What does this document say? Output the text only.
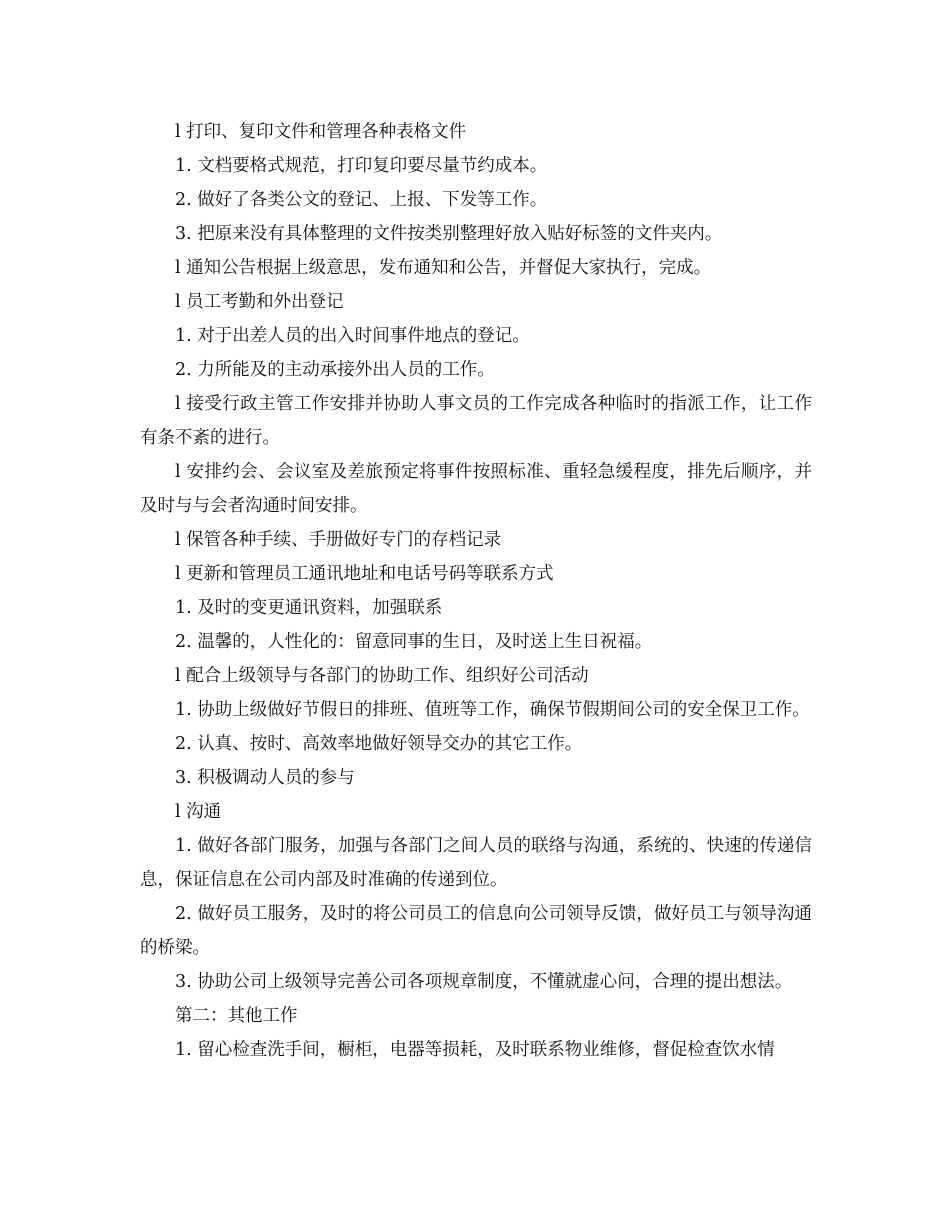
l 打印、复印文件和管理各种表格文件

1. 文档要格式规范，打印复印要尽量节约成本。

2. 做好了各类公文的登记、上报、下发等工作。

3. 把原来没有具体整理的文件按类别整理好放入贴好标签的文件夹内。

l 通知公告根据上级意思，发布通知和公告，并督促大家执行，完成。

l 员工考勤和外出登记

1. 对于出差人员的出入时间事件地点的登记。

2. 力所能及的主动承接外出人员的工作。

l 接受行政主管工作安排并协助人事文员的工作完成各种临时的指派工作，让工作有条不紊的进行。

l 安排约会、会议室及差旅预定将事件按照标准、重轻急缓程度，排先后顺序，并及时与与会者沟通时间安排。

l 保管各种手续、手册做好专门的存档记录

l 更新和管理员工通讯地址和电话号码等联系方式

1. 及时的变更通讯资料，加强联系

2. 温馨的，人性化的：留意同事的生日，及时送上生日祝福。

l 配合上级领导与各部门的协助工作、组织好公司活动

1. 协助上级做好节假日的排班、值班等工作，确保节假期间公司的安全保卫工作。

2. 认真、按时、高效率地做好领导交办的其它工作。

3. 积极调动人员的参与

l 沟通

1. 做好各部门服务，加强与各部门之间人员的联络与沟通，系统的、快速的传递信息，保证信息在公司内部及时准确的传递到位。

2. 做好员工服务，及时的将公司员工的信息向公司领导反馈，做好员工与领导沟通的桥梁。

3. 协助公司上级领导完善公司各项规章制度，不懂就虚心问，合理的提出想法。

第二：其他工作

1. 留心检查洗手间，橱柜，电器等损耗，及时联系物业维修，督促检查饮水情
